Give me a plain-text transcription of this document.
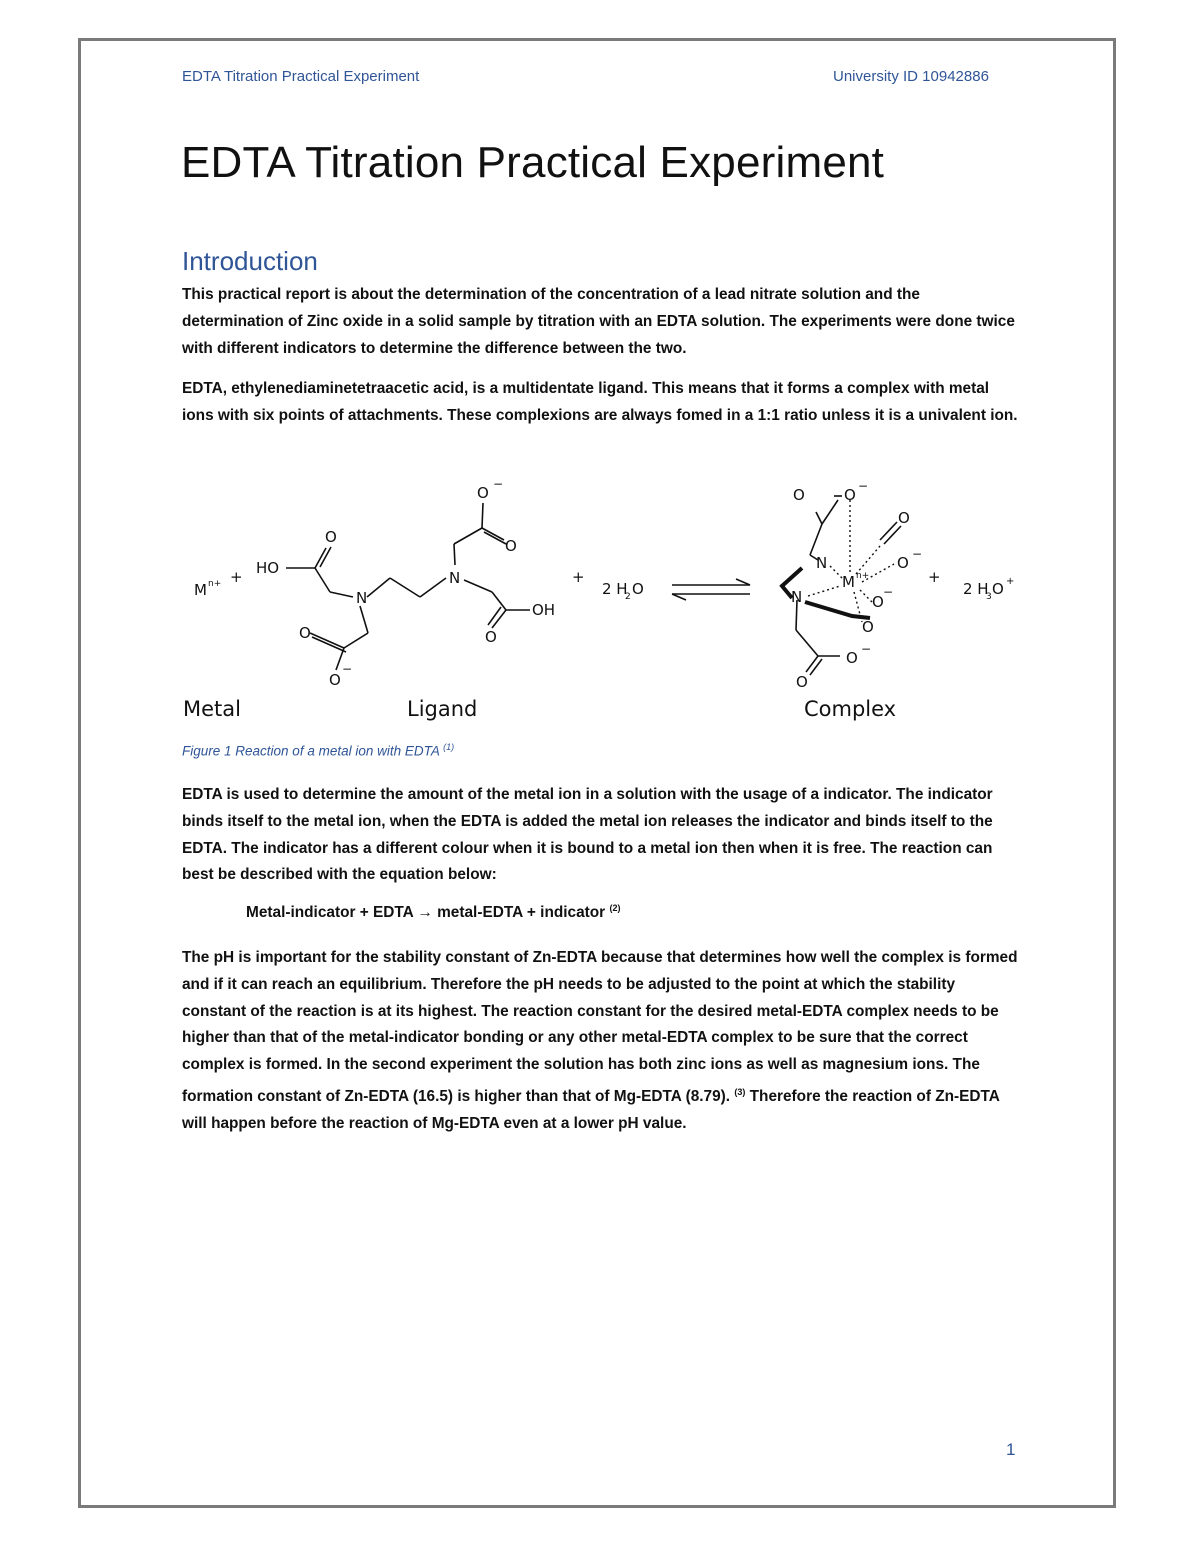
EDTA Titration Practical Experiment	University ID 10942886
EDTA Titration Practical Experiment
Introduction

This practical report is about the determination of the concentration of a lead nitrate solution and the determination of Zinc oxide in a solid sample by titration with an EDTA solution. The experiments were done twice with different indicators to determine the difference between the two.

EDTA, ethylenediaminetetraacetic acid, is a multidentate ligand. This means that it forms a complex with metal ions with six points of attachments. These complexions are always fomed in a 1:1 ratio unless it is a univalent ion.

M n+ + HO
N
N
O
O −
O
OH
O
O
O
−
+
2 H
2 O
O	O −
O
O −
N
M n+
N	O
−
O
O −
O
+
2 H
3 O +
Metal	Ligand	Complex
Figure 1 Reaction of a metal ion with EDTA $^{(1)}$

EDTA is used to determine the amount of the metal ion in a solution with the usage of a indicator. The indicator binds itself to the metal ion, when the EDTA is added the metal ion releases the indicator and binds itself to the EDTA. The indicator has a different colour when it is bound to a metal ion then when it is free. The reaction can best be described with the equation below:

Metal-indicator + EDTA → metal-EDTA + indicator $^{(2)}$

The pH is important for the stability constant of Zn-EDTA because that determines how well the complex is formed and if it can reach an equilibrium. Therefore the pH needs to be adjusted to the point at which the stability constant of the reaction is at its highest. The reaction constant for the desired metal-EDTA complex needs to be higher than that of the metal-indicator bonding or any other metal-EDTA complex to be sure that the correct complex is formed. In the second experiment the solution has both zinc ions as well as magnesium ions. The formation constant of Zn-EDTA (16.5) is higher than that of Mg-EDTA (8.79). $^{(3)}$ Therefore the reaction of Zn-EDTA will happen before the reaction of Mg-EDTA even at a lower pH value.

1
